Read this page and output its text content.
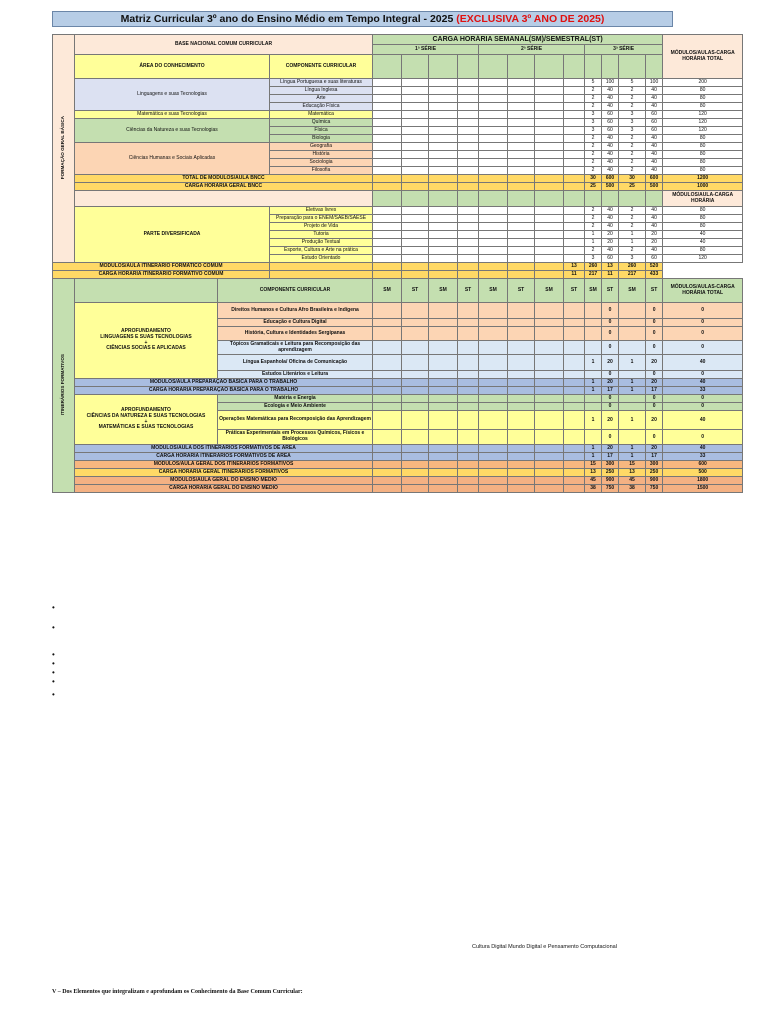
Matriz Curricular 3º ano do Ensino Médio em Tempo Integral - 2025 (EXCLUSIVA 3º ANO DE 2025)
FORMAÇÃO GERAL BÁSICA	BASE NACIONAL COMUM CURRICULAR			CARGA HORÁRIA SEMANAL(SM)/SEMESTRAL(ST)												MÓDULOS/AULAS-CARGA HORÁRIA TOTAL
				1ª SÉRIE				2ª SÉRIE				3ª SÉRIE				
	ÁREA DO CONHECIMENTO		COMPONENTE CURRICULAR													
	Linguagens e suas Tecnologias		Língua Portuguesa e suas literaturas									5	100	5	100	200
			Língua Inglesa									2	40	2	40	80
			Arte									2	40	2	40	80
			Educação Física									2	40	2	40	80
	Matemática e suas Tecnologias		Matemática									3	60	3	60	120
	Ciências da Natureza e suas Tecnologias		Química									3	60	3	60	120
			Física									3	60	3	60	120
			Biologia									2	40	2	40	80
	Ciências Humanas e Sociais Aplicadas		Geografia									2	40	2	40	80
			História									2	40	2	40	80
			Sociologia									2	40	2	40	80
			Filosofia									2	40	2	40	80
	TOTAL DE MÓDULOS/AULA BNCC											30	600	30	600	1200
	CARGA HORÁRIA GERAL BNCC											25	500	25	500	1000
																MÓDULOS/AULA-CARGA HORÁRIA
	PARTE DIVERSIFICADA		Eletivas livres									2	40	2	40	80
			Preparação para o ENEM/SAEB/SAESE									2	40	2	40	80
			Projeto de Vida									2	40	2	40	80
			Tutoria									1	20	1	20	40
			Produção Textual									1	20	1	20	40
			Esporte, Cultura e Arte na prática									2	40	2	40	80
			Estudo Orientado									3	60	3	60	120
MÓDULOS/AULA ITINERÁRIO FORMATICO COMUM											13	260	13	260	520	
CARGA HORÁRIA ITINERÁRIO FORMATIVO COMUM											11	217	11	217	433	
ITINERÁRIOS FORMATIVOS		COMPONENTE CURRICULAR		SM	ST	SM	ST	SM	ST	SM	ST	SM	ST	SM	ST	MÓDULOS/AULAS-CARGA HORÁRIA TOTAL

	APROFUNDAMENTO
LINGUAGENS E SUAS TECNOLOGIAS
+
CIÊNCIAS SOCIAS E APLICADAS	Direitos Humanos e Cultura Afro Brasileira e Indígena											0		0	0
		Educação e Cultura Digital											0		0	0
		História, Cultura e Identidades Sergipanas											0		0	0
		Tópicos Gramaticais e Leitura para Recomposição das aprendizagem											0		0	0
		Língua Espanhola/ Oficina de Comunicação										1	20	1	20	40
		Estudos Literários e Leitura											0		0	0
	MÓDULOS/AULA PREPARAÇÃO BÁSICA PARA O TRABALHO											1	20	1	20	40
	CARGA HORÁRIA PREPARAÇÃO BÁSICA PARA O TRABALHO											1	17	1	17	33

	APROFUNDAMENTO
CIÊNCIAS DA NATUREZA E SUAS TECNOLOGIAS
+
MATEMÁTICAS E SUAS TECNOLOGIAS	Matéria e Energia											0		0	0
		Ecologia e Meio Ambiente											0		0	0
		Operações Matemáticas para Recomposição das Aprendizagem										1	20	1	20	40
		Práticas Experimentais em Processos Químicos, Físicos e Biológicos											0		0	0
	MÓDULOS/AULA DOS ITINERÁRIOS FORMATIVOS DE ÁREA											1	20	1	20	40
	CARGA HORÁRIA ITINERÁRIOS FORMATIVOS DE ÁREA											1	17	1	17	33
	MÓDULOS/AULA GERAL DOS ITINERÁRIOS FORMATIVOS											15	300	15	300	600
	CARGA HORÁRIA GERAL ITINERÁRIOS FORMATIVOS											13	250	13	250	500
	MÓDULOS/AULA GERAL DO ENSINO MÉDIO											45	900	45	900	1800
	CARGA HORÁRIA GERAL DO ENSINO MÉDIO											38	750	38	750	1500
•
•
•
•
•
•
•
Cultura Digital Mundo Digital e Pensamento Computacional
V – Dos Elementos que integralizam e aprofundam os Conhecimento da Base Comum Curricular:
